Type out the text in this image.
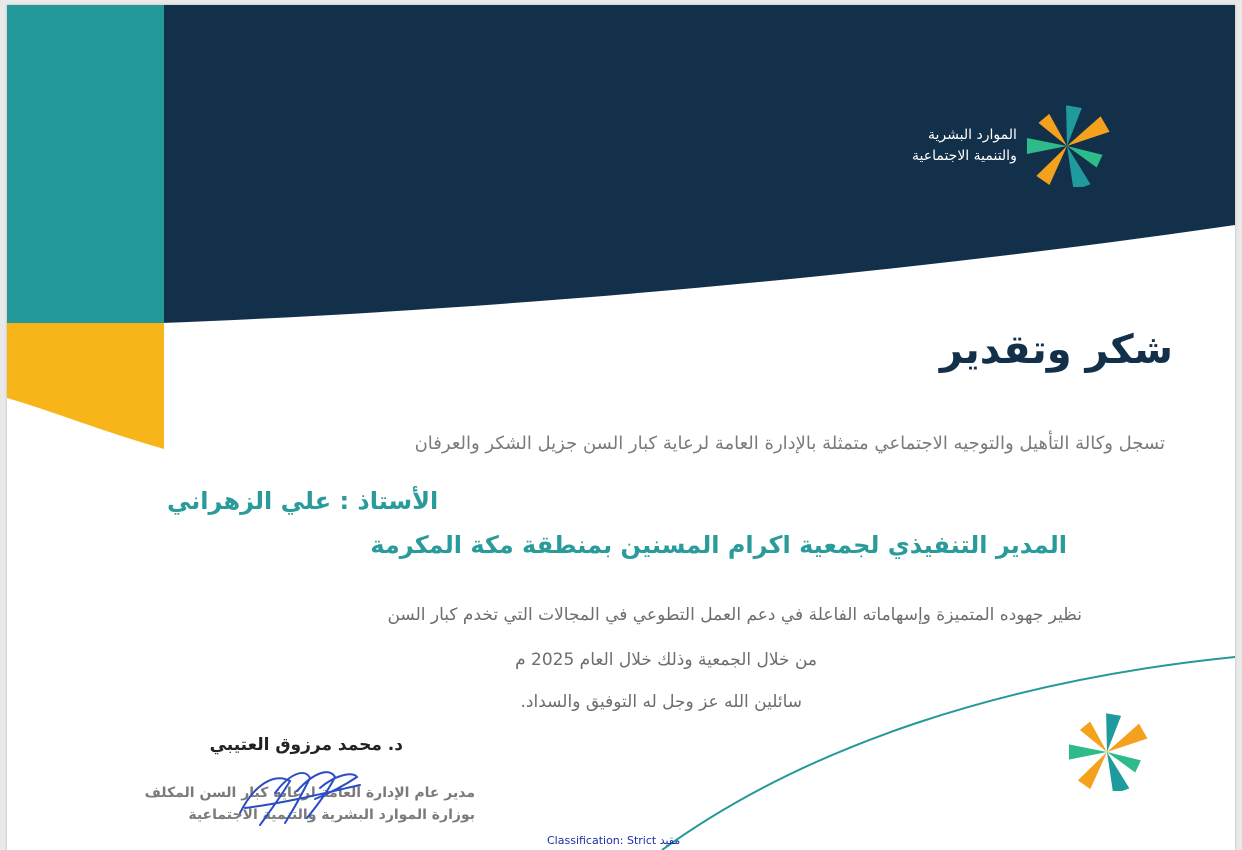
الموارد البشرية
والتنمية الاجتماعية
شكر وتقدير
تسجل وكالة التأهيل والتوجيه الاجتماعي متمثلة بالإدارة العامة لرعاية كبار السن جزيل الشكر والعرفان
الأستاذ : علي الزهراني
المدير التنفيذي لجمعية اكرام المسنين بمنطقة مكة المكرمة
نظير جهوده المتميزة وإسهاماته الفاعلة في دعم العمل التطوعي في المجالات التي تخدم كبار السن
من خلال الجمعية وذلك خلال العام 2025 م
سائلين الله عز وجل له التوفيق والسداد.
د. محمد مرزوق العتيبي
مدير عام الإدارة العامة لرعاية كبار السن المكلف
بوزارة الموارد البشرية والتنمية الاجتماعية
Classification: Strict مقيد
